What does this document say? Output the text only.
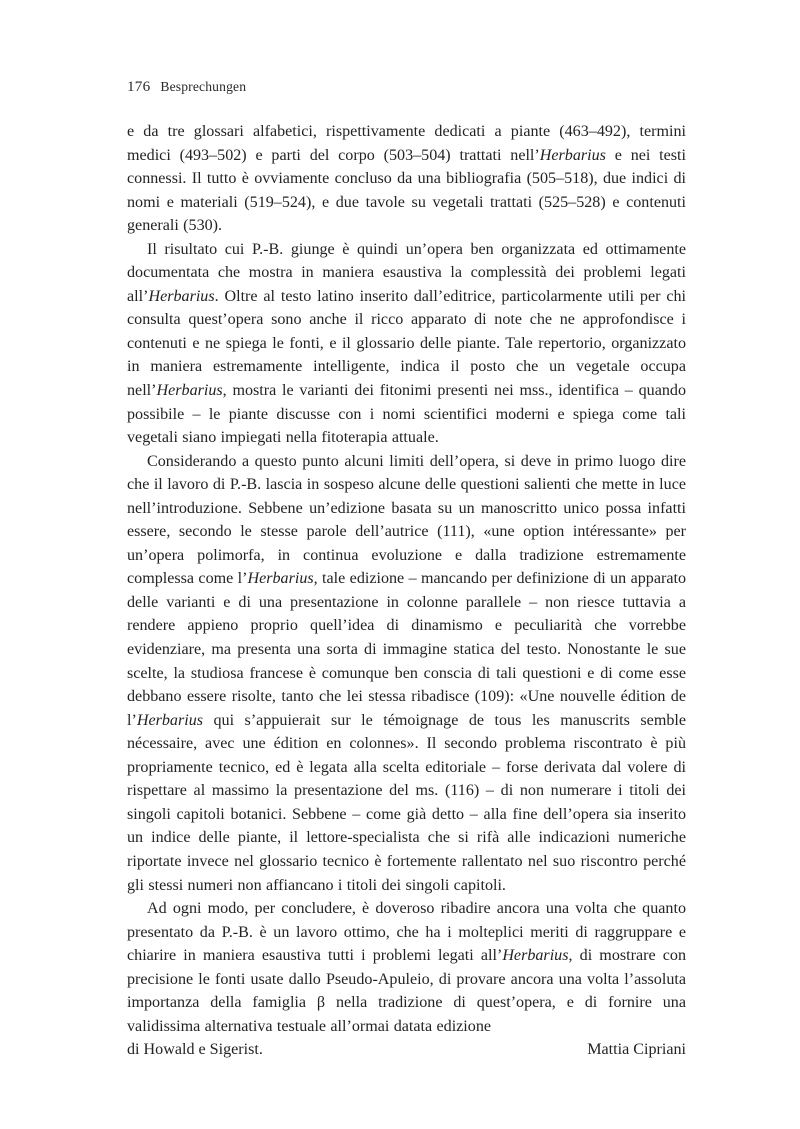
176 Besprechungen

e da tre glossari alfabetici, rispettivamente dedicati a piante (463–492), termini medici (493–502) e parti del corpo (503–504) trattati nell’Herbarius e nei testi connessi. Il tutto è ovviamente concluso da una bibliografia (505–518), due indici di nomi e materiali (519–524), e due tavole su vegetali trattati (525–528) e contenuti generali (530).

Il risultato cui P.-B. giunge è quindi un’opera ben organizzata ed ottimamente documentata che mostra in maniera esaustiva la complessità dei problemi legati all’Herbarius. Oltre al testo latino inserito dall’editrice, particolarmente utili per chi consulta quest’opera sono anche il ricco apparato di note che ne approfondisce i contenuti e ne spiega le fonti, e il glossario delle piante. Tale repertorio, organizzato in maniera estremamente intelligente, indica il posto che un vegetale occupa nell’Herbarius, mostra le varianti dei fitonimi presenti nei mss., identifica – quando possibile – le piante discusse con i nomi scientifici moderni e spiega come tali vegetali siano impiegati nella fitoterapia attuale.

Considerando a questo punto alcuni limiti dell’opera, si deve in primo luogo dire che il lavoro di P.-B. lascia in sospeso alcune delle questioni salienti che mette in luce nell’introduzione. Sebbene un’edizione basata su un manoscritto unico possa infatti essere, secondo le stesse parole dell’autrice (111), «une option intéressante» per un’opera polimorfa, in continua evoluzione e dalla tradizione estremamente complessa come l’Herbarius, tale edizione – mancando per definizione di un apparato delle varianti e di una presentazione in colonne parallele – non riesce tuttavia a rendere appieno proprio quell’idea di dinamismo e peculiarità che vorrebbe evidenziare, ma presenta una sorta di immagine statica del testo. Nonostante le sue scelte, la studiosa francese è comunque ben conscia di tali questioni e di come esse debbano essere risolte, tanto che lei stessa ribadisce (109): «Une nouvelle édition de l’Herbarius qui s’appuierait sur le témoignage de tous les manuscrits semble nécessaire, avec une édition en colonnes». Il secondo problema riscontrato è più propriamente tecnico, ed è legata alla scelta editoriale – forse derivata dal volere di rispettare al massimo la presentazione del ms. (116) – di non numerare i titoli dei singoli capitoli botanici. Sebbene – come già detto – alla fine dell’opera sia inserito un indice delle piante, il lettore-specialista che si rifà alle indicazioni numeriche riportate invece nel glossario tecnico è fortemente rallentato nel suo riscontro perché gli stessi numeri non affiancano i titoli dei singoli capitoli.

Ad ogni modo, per concludere, è doveroso ribadire ancora una volta che quanto presentato da P.-B. è un lavoro ottimo, che ha i molteplici meriti di raggruppare e chiarire in maniera esaustiva tutti i problemi legati all’Herbarius, di mostrare con precisione le fonti usate dallo Pseudo-Apuleio, di provare ancora una volta l’assoluta importanza della famiglia β nella tradizione di quest’opera, e di fornire una validissima alternativa testuale all’ormai datata edizione

di Howald e Sigerist.	Mattia Cipriani
